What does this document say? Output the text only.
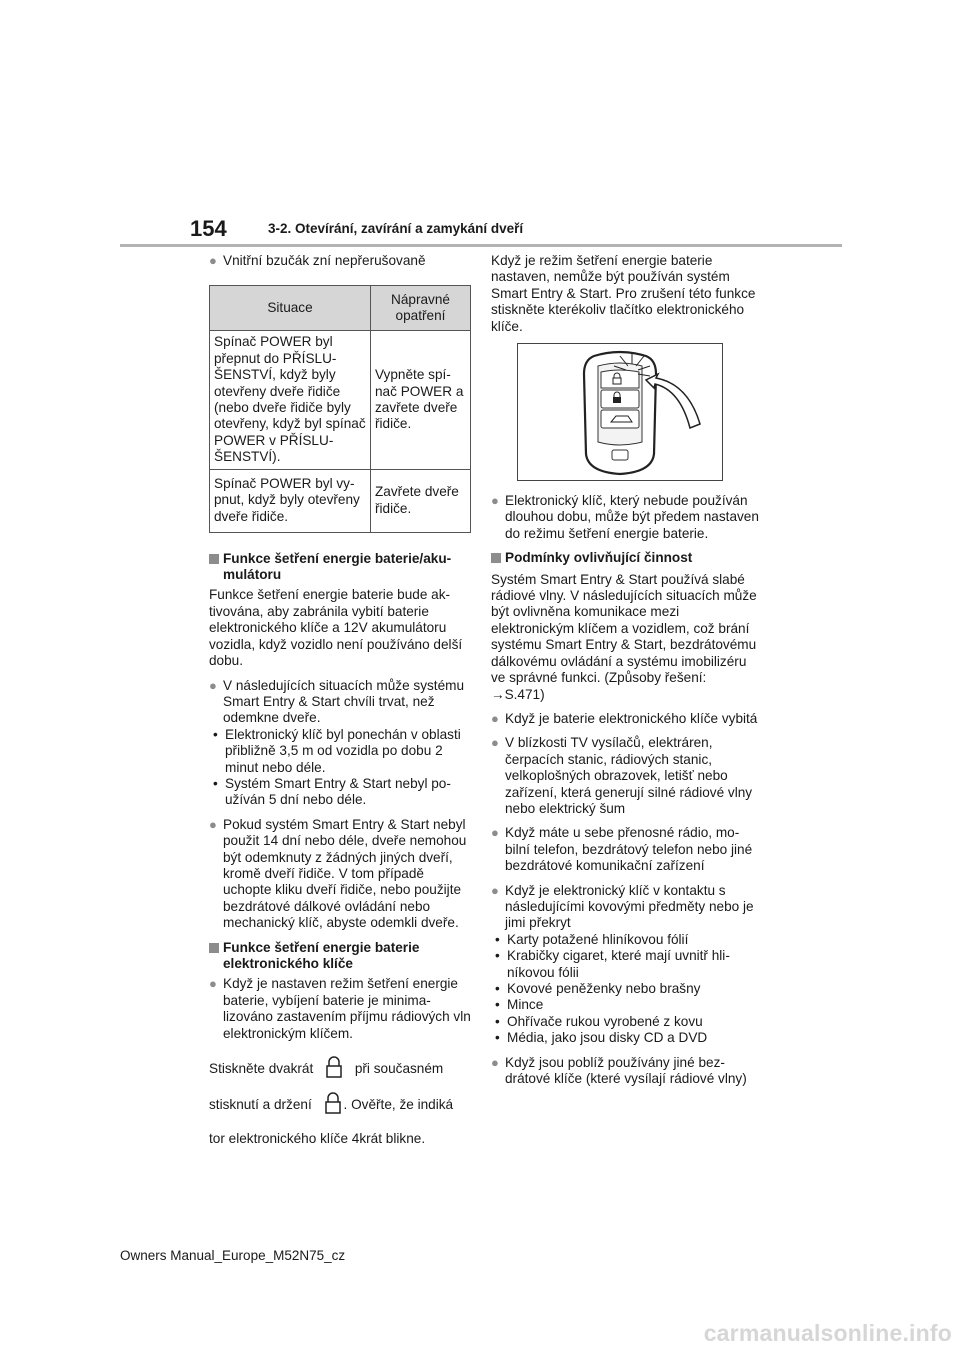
154	3-2. Otevírání, zavírání a zamykání dveří
● Vnitřní bzučák zní nepřerušovaně
Situace	Nápravné opatření
Spínač POWER byl přepnut do PŘÍSLUŠENSTVÍ, když byly otevřeny dveře řidiče (nebo dveře řidiče byly otevřeny, když byl spínač POWER v PŘÍSLUŠENSTVÍ).	Vypněte spínač POWER a zavřete dveře řidiče.
Spínač POWER byl vypnut, když byly otevřeny dveře řidiče.	Zavřete dveře řidiče.
Funkce šetření energie baterie/akumulátoru

Funkce šetření energie baterie bude aktivována, aby zabránila vybití baterie elektronického klíče a 12V akumulátoru vozidla, když vozidlo není používáno delší dobu.

● V následujících situacích může systému Smart Entry & Start chvíli trvat, než odemkne dveře.
• Elektronický klíč byl ponechán v oblasti přibližně 3,5 m od vozidla po dobu 2 minut nebo déle.
• Systém Smart Entry & Start nebyl používán 5 dní nebo déle.
● Pokud systém Smart Entry & Start nebyl použit 14 dní nebo déle, dveře nemohou být odemknuty z žádných jiných dveří, kromě dveří řidiče. V tom případě uchopte kliku dveří řidiče, nebo použijte bezdrátové dálkové ovládání nebo mechanický klíč, abyste odemkli dveře.
Funkce šetření energie baterie elektronického klíče
● Když je nastaven režim šetření energie baterie, vybíjení baterie je minimalizováno zastavením příjmu rádiových vln elektronickým klíčem.
Stiskněte dvakrát	při současném
stisknutí a držení . Ověřte, že indiká
tor elektronického klíče 4krát blikne.

Když je režim šetření energie baterie nastaven, nemůže být používán systém Smart Entry & Start. Pro zrušení této funkce stiskněte kterékoliv tlačítko elektronického klíče.

● Elektronický klíč, který nebude používán dlouhou dobu, může být předem nastaven do režimu šetření energie baterie.
Podmínky ovlivňující činnost

Systém Smart Entry & Start používá slabé rádiové vlny. V následujících situacích může být ovlivněna komunikace mezi elektronickým klíčem a vozidlem, což brání systému Smart Entry & Start, bezdrátovému dálkovému ovládání a systému imobilizéru ve správné funkci. (Způsoby řešení: →S.471)

● Když je baterie elektronického klíče vybitá
● V blízkosti TV vysílačů, elektráren, čerpacích stanic, rádiových stanic, velkoplošných obrazovek, letišť nebo zařízení, která generují silné rádiové vlny nebo elektrický šum
● Když máte u sebe přenosné rádio, mobilní telefon, bezdrátový telefon nebo jiné bezdrátové komunikační zařízení
● Když je elektronický klíč v kontaktu s následujícími kovovými předměty nebo je jimi překryt
• Karty potažené hliníkovou fólií
• Krabičky cigaret, které mají uvnitř hliníkovou fólii
• Kovové peněženky nebo brašny
• Mince
• Ohřívače rukou vyrobené z kovu
• Média, jako jsou disky CD a DVD
● Když jsou poblíž používány jiné bezdrátové klíče (které vysílají rádiové vlny)
Owners Manual_Europe_M52N75_cz
carmanualsonline.info
